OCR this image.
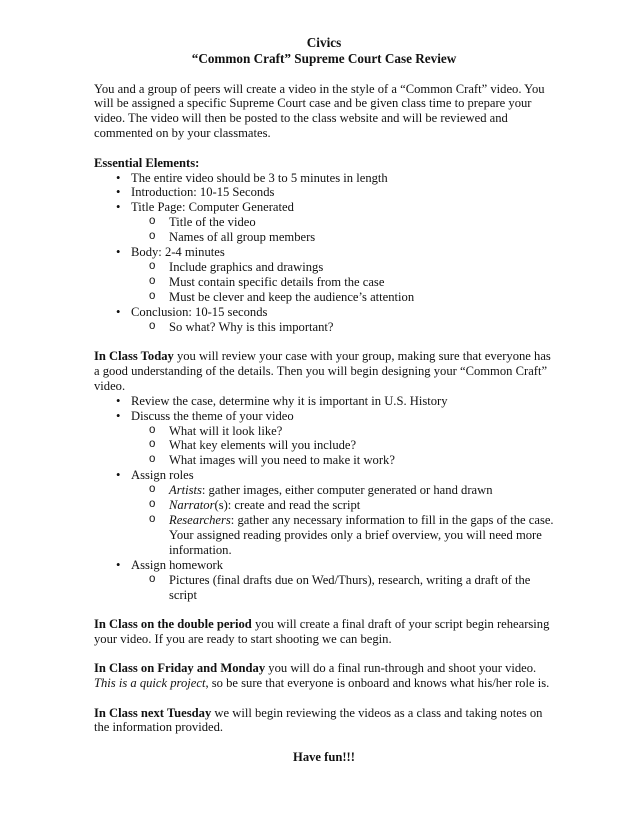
Civics
“Common Craft” Supreme Court Case Review

You and a group of peers will create a video in the style of a “Common Craft” video. You will be assigned a specific Supreme Court case and be given class time to prepare your video. The video will then be posted to the class website and will be reviewed and commented on by your classmates.

Essential Elements:
• The entire video should be 3 to 5 minutes in length
• Introduction: 10-15 Seconds
• Title Page: Computer Generated
o Title of the video
o Names of all group members
• Body: 2-4 minutes
o Include graphics and drawings
o Must contain specific details from the case
o Must be clever and keep the audience’s attention
• Conclusion: 10-15 seconds
o So what? Why is this important?

In Class Today you will review your case with your group, making sure that everyone has a good understanding of the details. Then you will begin designing your “Common Craft” video.

• Review the case, determine why it is important in U.S. History
• Discuss the theme of your video
o What will it look like?
o What key elements will you include?
o What images will you need to make it work?
• Assign roles
o Artists: gather images, either computer generated or hand drawn
o Narrator(s): create and read the script
o Researchers: gather any necessary information to fill in the gaps of the case. Your assigned reading provides only a brief overview, you will need more information.
• Assign homework
o Pictures (final drafts due on Wed/Thurs), research, writing a draft of the script

In Class on the double period you will create a final draft of your script begin rehearsing your video. If you are ready to start shooting we can begin.

In Class on Friday and Monday you will do a final run-through and shoot your video. This is a quick project, so be sure that everyone is onboard and knows what his/her role is.

In Class next Tuesday we will begin reviewing the videos as a class and taking notes on the information provided.

Have fun!!!
